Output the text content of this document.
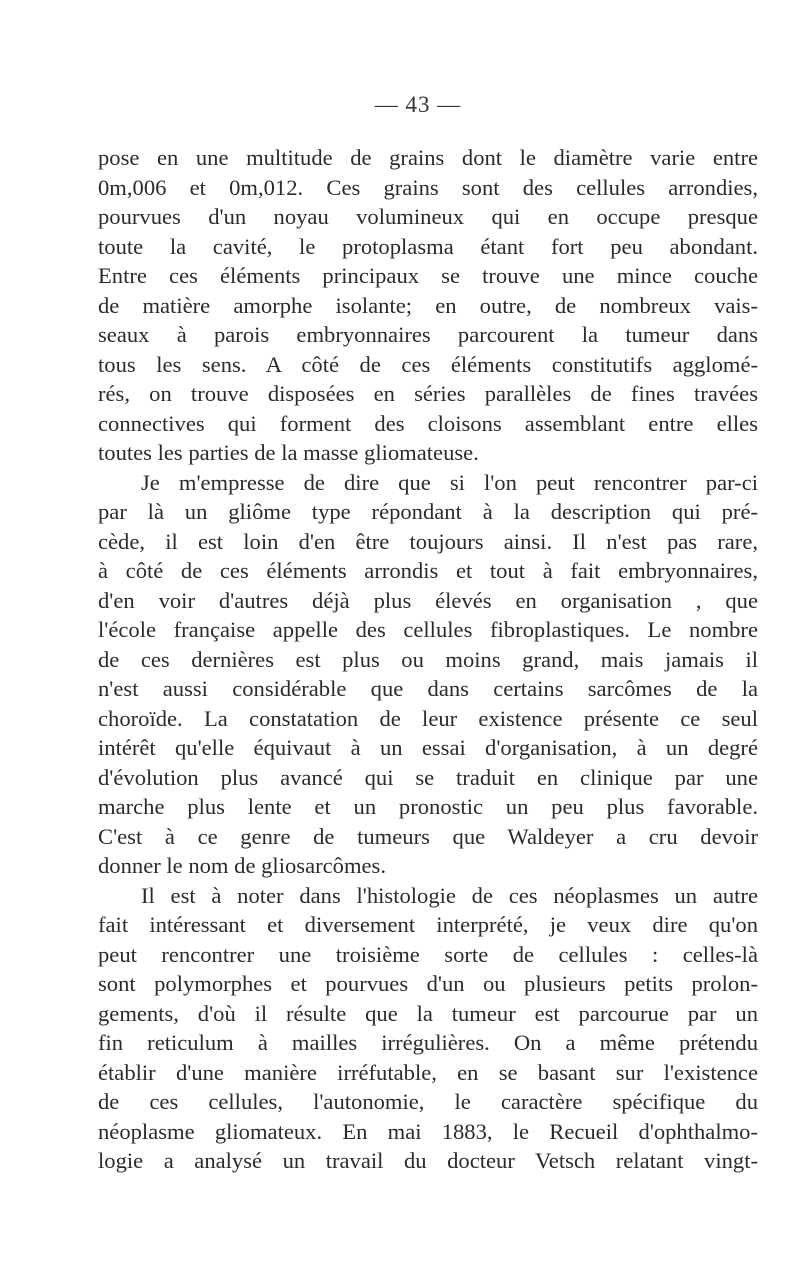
— 43 —
pose en une multitude de grains dont le diamètre varie entre
0m,006 et 0m,012. Ces grains sont des cellules arrondies,
pourvues d'un noyau volumineux qui en occupe presque
toute la cavité, le protoplasma étant fort peu abondant.
Entre ces éléments principaux se trouve une mince couche
de matière amorphe isolante; en outre, de nombreux vais-
seaux à parois embryonnaires parcourent la tumeur dans
tous les sens. A côté de ces éléments constitutifs agglomé-
rés, on trouve disposées en séries parallèles de fines travées
connectives qui forment des cloisons assemblant entre elles
toutes les parties de la masse gliomateuse.
Je m'empresse de dire que si l'on peut rencontrer par-ci
par là un gliôme type répondant à la description qui pré-
cède, il est loin d'en être toujours ainsi. Il n'est pas rare,
à côté de ces éléments arrondis et tout à fait embryonnaires,
d'en voir d'autres déjà plus élevés en organisation , que
l'école française appelle des cellules fibroplastiques. Le nombre
de ces dernières est plus ou moins grand, mais jamais il
n'est aussi considérable que dans certains sarcômes de la
choroïde. La constatation de leur existence présente ce seul
intérêt qu'elle équivaut à un essai d'organisation, à un degré
d'évolution plus avancé qui se traduit en clinique par une
marche plus lente et un pronostic un peu plus favorable.
C'est à ce genre de tumeurs que Waldeyer a cru devoir
donner le nom de gliosarcômes.
Il est à noter dans l'histologie de ces néoplasmes un autre
fait intéressant et diversement interprété, je veux dire qu'on
peut rencontrer une troisième sorte de cellules : celles-là
sont polymorphes et pourvues d'un ou plusieurs petits prolon-
gements, d'où il résulte que la tumeur est parcourue par un
fin reticulum à mailles irrégulières. On a même prétendu
établir d'une manière irréfutable, en se basant sur l'existence
de ces cellules, l'autonomie, le caractère spécifique du
néoplasme gliomateux. En mai 1883, le Recueil d'ophthalmo-
logie a analysé un travail du docteur Vetsch relatant vingt-
